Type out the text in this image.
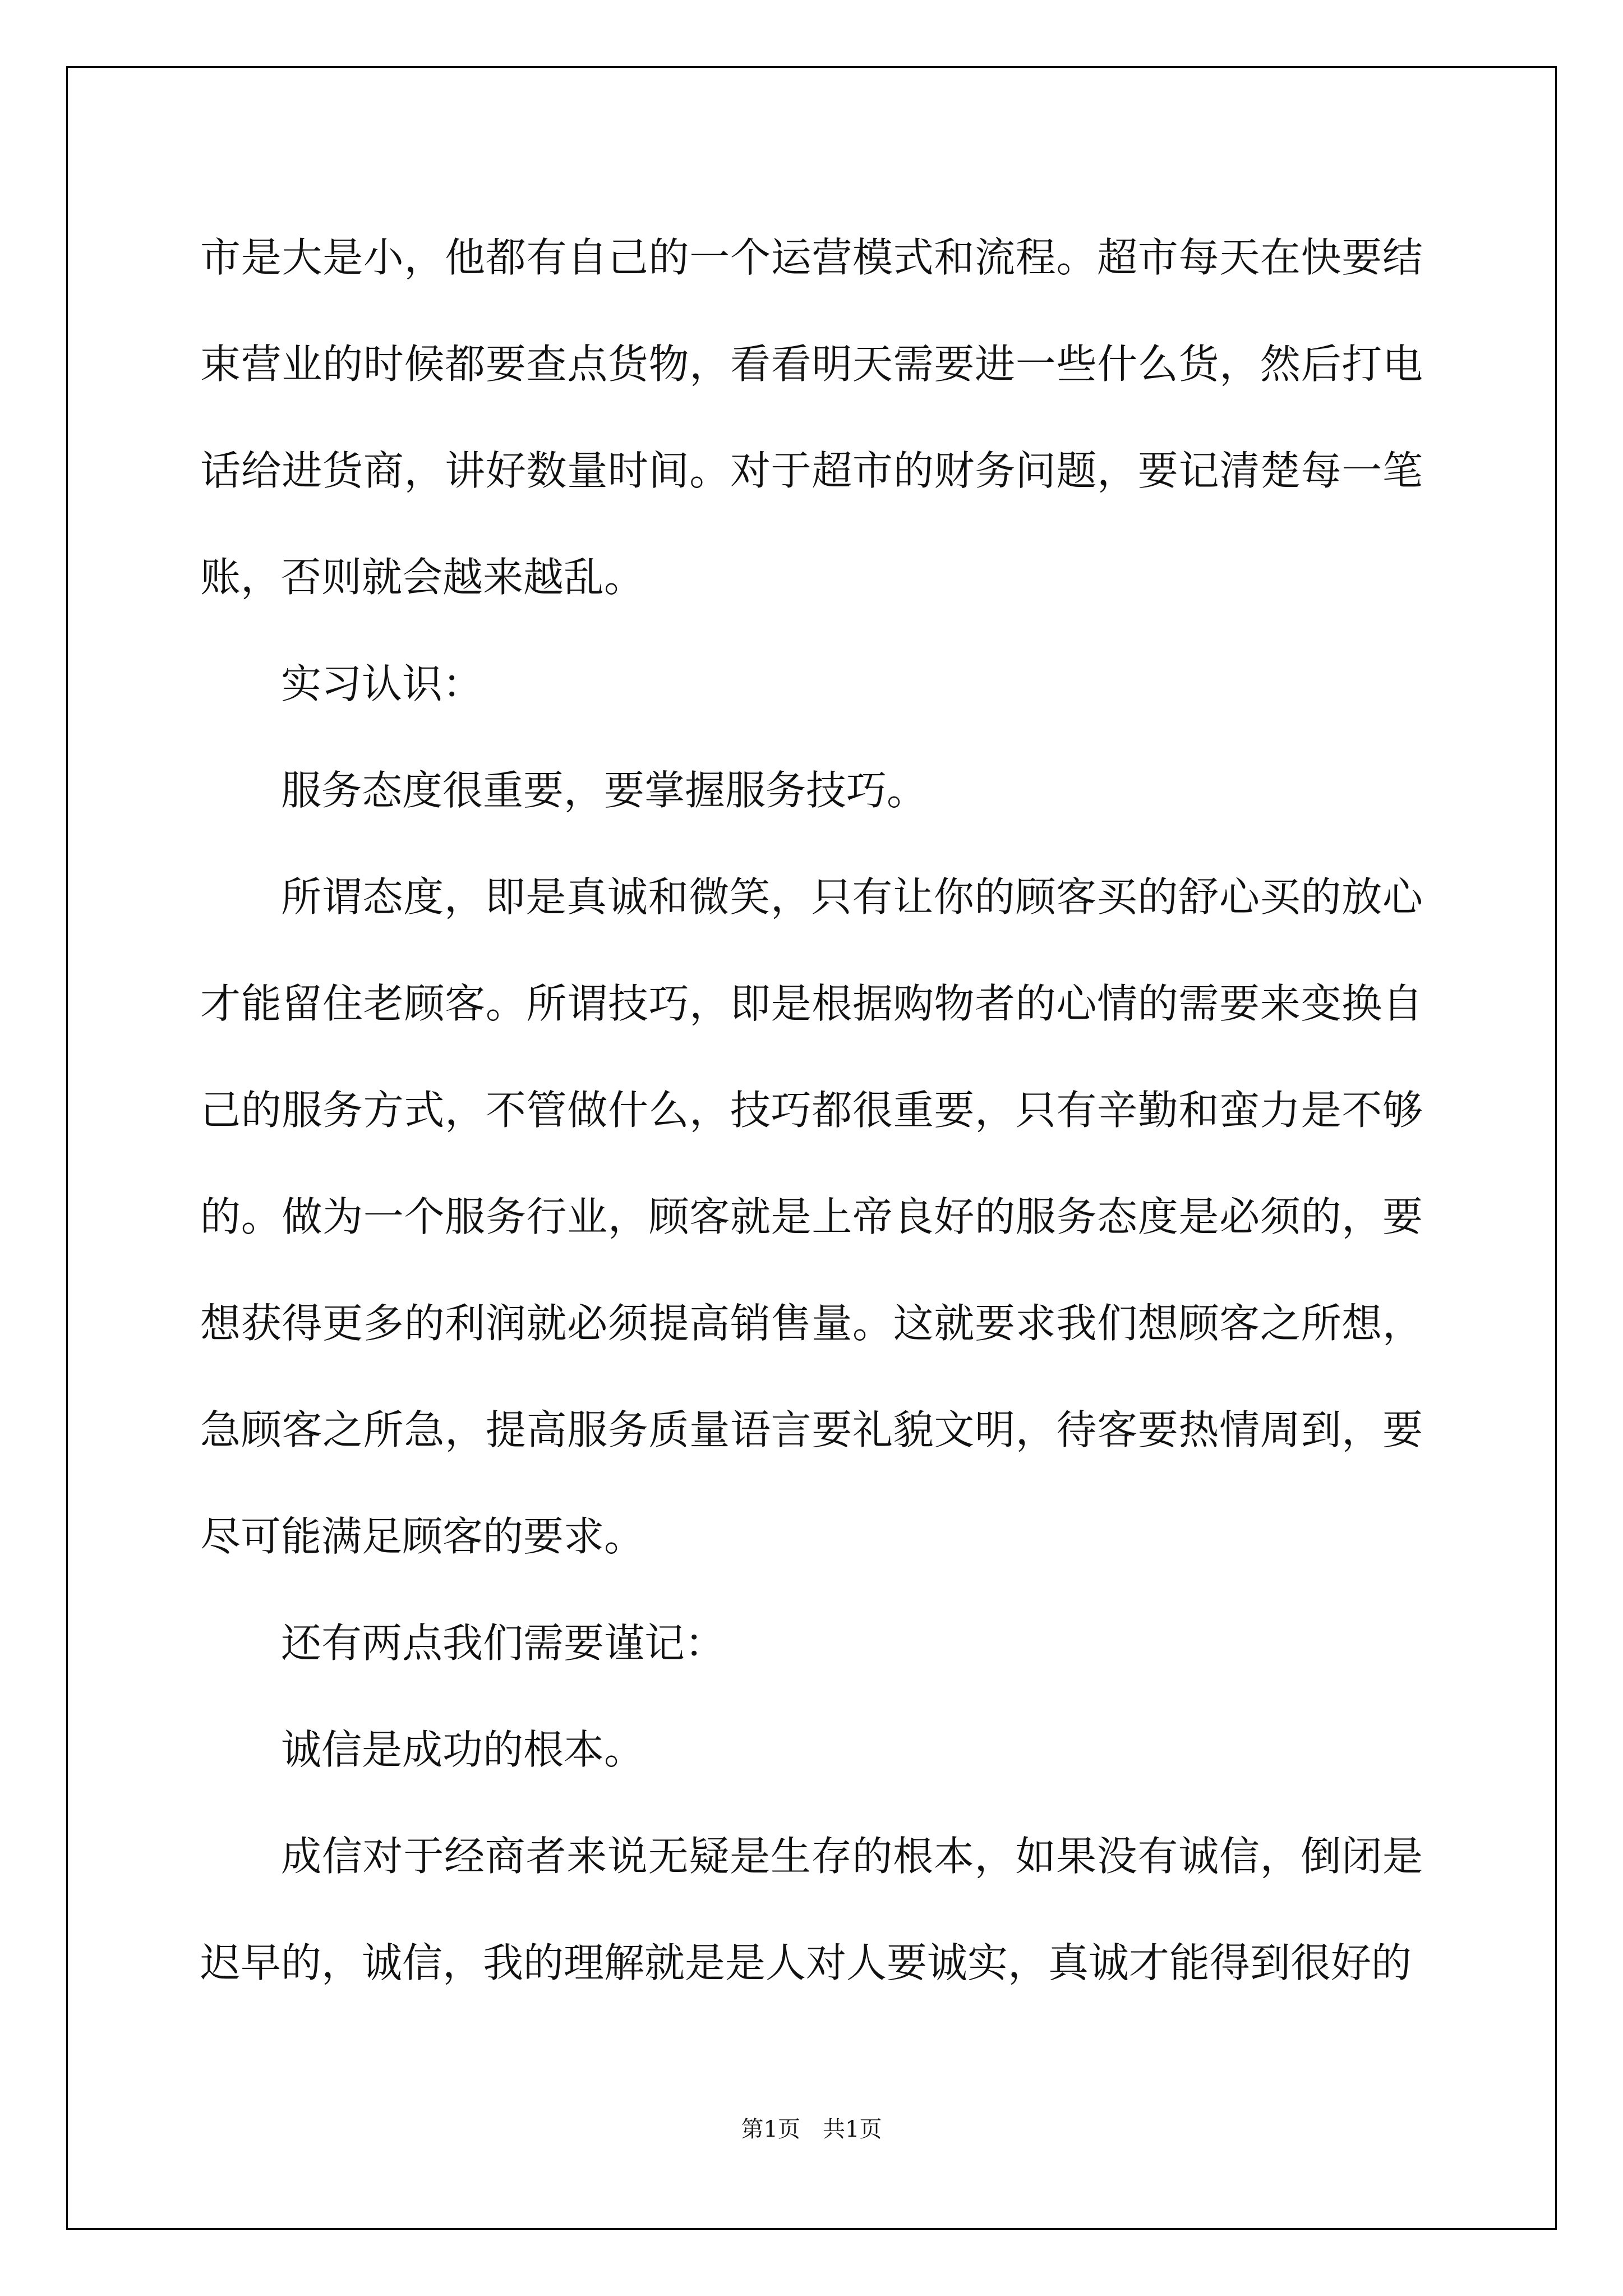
市是大是小，他都有自己的一个运营模式和流程。超市每天在快要结束营业的时候都要查点货物，看看明天需要进一些什么货，然后打电话给进货商，讲好数量时间。对于超市的财务问题，要记清楚每一笔账，否则就会越来越乱。

实习认识：

服务态度很重要，要掌握服务技巧。

所谓态度，即是真诚和微笑，只有让你的顾客买的舒心买的放心才能留住老顾客。所谓技巧，即是根据购物者的心情的需要来变换自己的服务方式，不管做什么，技巧都很重要，只有辛勤和蛮力是不够的。做为一个服务行业，顾客就是上帝良好的服务态度是必须的，要想获得更多的利润就必须提高销售量。这就要求我们想顾客之所想，急顾客之所急，提高服务质量语言要礼貌文明，待客要热情周到，要尽可能满足顾客的要求。

还有两点我们需要谨记：

诚信是成功的根本。

成信对于经商者来说无疑是生存的根本，如果没有诚信，倒闭是迟早的，诚信，我的理解就是是人对人要诚实，真诚才能得到很好的

第1页　共1页
